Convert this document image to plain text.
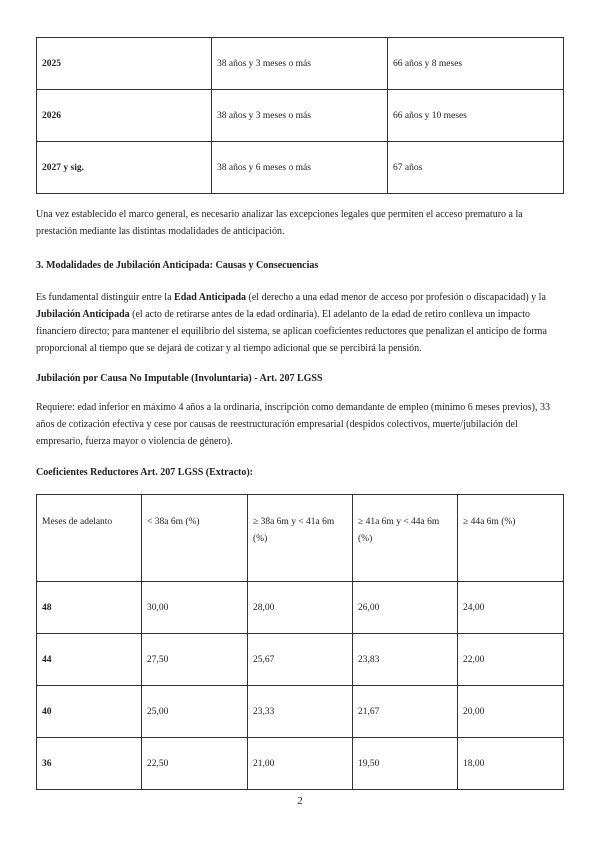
2025	38 años y 3 meses o más	66 años y 8 meses
2026	38 años y 3 meses o más	66 años y 10 meses
2027 y sig.	38 años y 6 meses o más	67 años

Una vez establecido el marco general, es necesario analizar las excepciones legales que permiten el acceso prematuro a la prestación mediante las distintas modalidades de anticipación.

3. Modalidades de Jubilación Anticipada: Causas y Consecuencias

Es fundamental distinguir entre la Edad Anticipada (el derecho a una edad menor de acceso por profesión o discapacidad) y la Jubilación Anticipada (el acto de retirarse antes de la edad ordinaria). El adelanto de la edad de retiro conlleva un impacto financiero directo; para mantener el equilibrio del sistema, se aplican coeficientes reductores que penalizan el anticipo de forma proporcional al tiempo que se dejará de cotizar y al tiempo adicional que se percibirá la pensión.

Jubilación por Causa No Imputable (Involuntaria) - Art. 207 LGSS

Requiere: edad inferior en máximo 4 años a la ordinaria, inscripción como demandante de empleo (mínimo 6 meses previos), 33 años de cotización efectiva y cese por causas de reestructuración empresarial (despidos colectivos, muerte/jubilación del empresario, fuerza mayor o violencia de género).

Coeficientes Reductores Art. 207 LGSS (Extracto):

Meses de adelanto	< 38a 6m (%)	≥ 38a 6m y < 41a 6m (%)	≥ 41a 6m y < 44a 6m (%)	≥ 44a 6m (%)
48	30,00	28,00	26,00	24,00
44	27,50	25,67	23,83	22,00
40	25,00	23,33	21,67	20,00
36	22,50	21,00	19,50	18,00
2
